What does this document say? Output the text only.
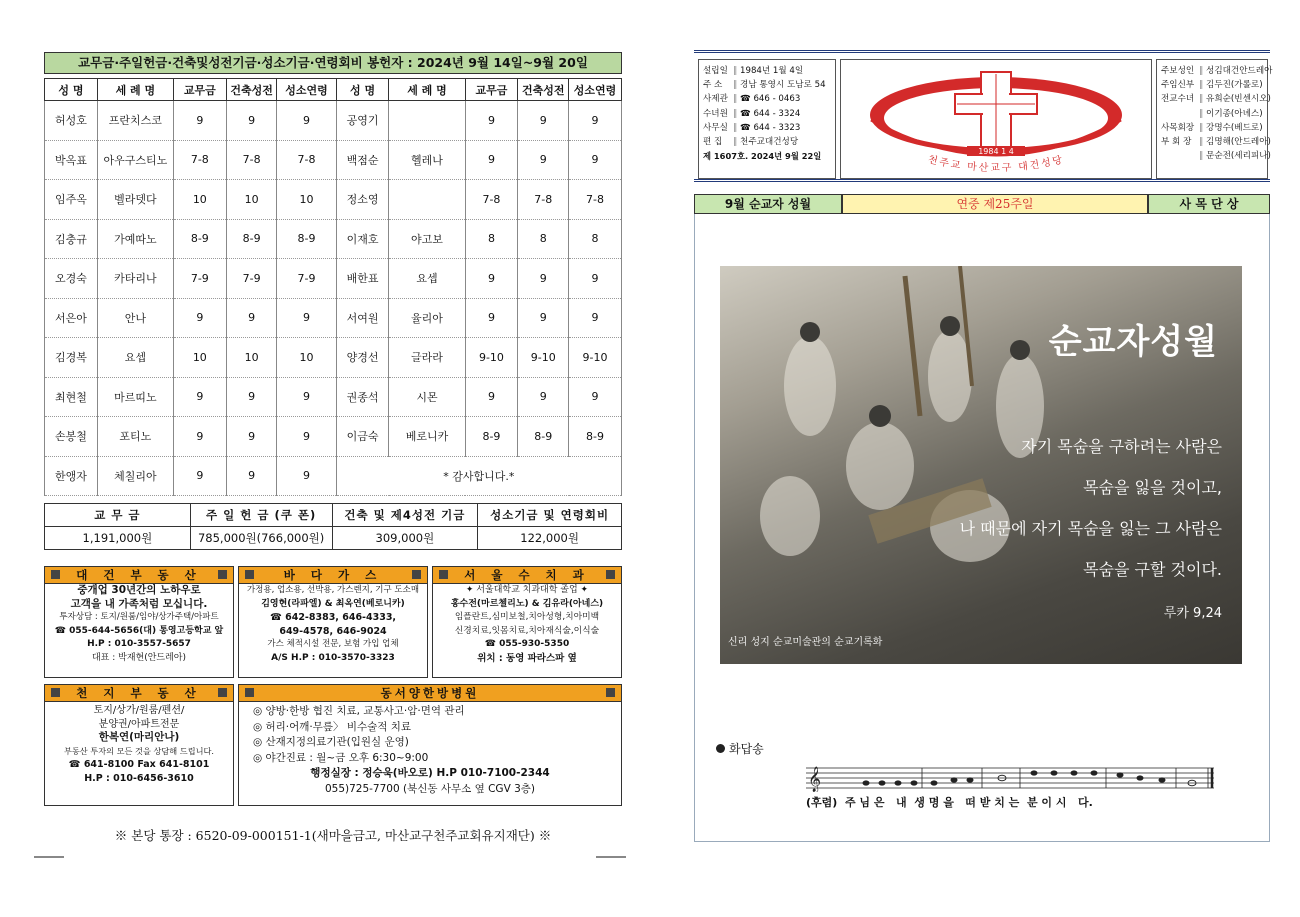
교무금·주일헌금·건축및성전기금·성소기금·연령회비 봉헌자 : 2024년 9월 14일~9월 20일
성 명	세 례 명	교무금	건축성전	성소연령	성 명	세 례 명	교무금	건축성전	성소연령
허성호	프란치스코	9	9	9	공영기		9	9	9
박옥표	아우구스티노	7-8	7-8	7-8	백점순	헬레나	9	9	9
임주옥	벨라뎃다	10	10	10	정소영		7-8	7-8	7-8
김충규	가예따노	8-9	8-9	8-9	이재호	야고보	8	8	8
오경숙	카타리나	7-9	7-9	7-9	배한표	요셉	9	9	9
서은아	안나	9	9	9	서여원	율리아	9	9	9
김경복	요셉	10	10	10	양경선	글라라	9-10	9-10	9-10
최현철	마르띠노	9	9	9	권종석	시몬	9	9	9
손봉철	포티노	9	9	9	이금숙	베로니카	8-9	8-9	8-9
한앵자	체칠리아	9	9	9	* 감사합니다.*				
교 무 금	주 일 헌 금 (쿠 폰)	건축 및 제4성전 기금	성소기금 및 연령회비
1,191,000원	785,000원(766,000원)	309,000원	122,000원
대 건 부 동 산

중개업 30년간의 노하우로

고객을 내 가족처럼 모십니다.

투자상담 : 토지/원룸/임야/상가주택/아파트

☎ 055-644-5656(대) 통영고등학교 앞

H.P : 010-3557-5657

대표 : 박재현(안드레아)

바 다 가 스

가정용, 업소용, 선박용, 가스렌지, 기구 도소매

김영현(라파엘) & 최옥연(베로니카)

☎ 642-8383, 646-4333,

649-4578, 646-9024

가스 체적시설 전문, 보험 가입 업체

A/S H.P : 010-3570-3323

서 울 수 치 과

✦ 서울대학교 치과대학 졸업 ✦

홍수전(마르첼리노) & 김유라(아네스)

임플란트,심미보철,치아성형,치아미백

신경치료,잇몸치료,치아재식술,이식술

☎ 055-930-5350

위치 : 동영 파라스파 옆

천 지 부 동 산

토지/상가/원룸/펜션/

분양권/아파트전문

한복연(마리안나)

부동산 투자의 모든 것을 상담해 드립니다.

☎ 641-8100 Fax 641-8101

H.P : 010-6456-3610

동서양한방병원

◎ 양방·한방 협진 치료, 교통사고·암·면역 관리

◎ 허리·어깨·무릎〉 비수술적 치료

◎ 산재지정의료기관(입원실 운영)

◎ 야간진료 : 월~금 오후 6:30~9:00

행정실장 : 정승욱(바오로) H.P 010-7100-2344

055)725-7700 (북신동 사무소 옆 CGV 3층)

※ 본당 통장 : 6520-09-000151-1(새마을금고, 마산교구천주교회유지재단) ※
설립일 ‖ 1984년 1월 4일
주 소 ‖ 경남 통영시 도남로 54
사제관 ‖ ☎ 646 - 0463
수녀원 ‖ ☎ 644 - 3324
사무실 ‖ ☎ 644 - 3323
편 집 ‖ 천주교대건성당
제 1607호. 2024년 9월 22일	1984 1 4
천주교 마산교구 대건성당
주보성인 ‖ 성김대건안드레아
주임신부 ‖ 김두진(가롤로)
전교수녀 ‖ 유희순(빈센시오)
‖ 이기종(아녜스)
사목회장 ‖ 강명수(베드로)
부 회 장 ‖ 김명해(안드레아)
‖ 문순전(세리피나)
9월 순교자 성월	연중 제25주일	사 목 단 상
순교자성월
자기 목숨을 구하려는 사람은
목숨을 잃을 것이고,
나 때문에 자기 목숨을 잃는 그 사람은
목숨을 구할 것이다.
루카 9,24
신리 성지 순교미술관의 순교기록화
화답송
𝄞
(후렴)  주 님 은   내  생 명 을   떠 받 치 는  분 이 시   다.
